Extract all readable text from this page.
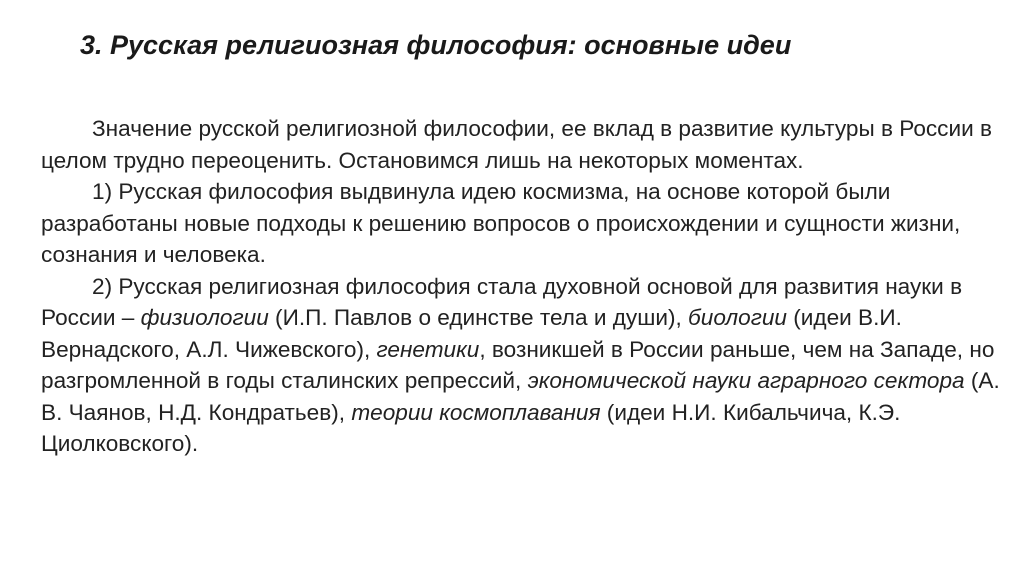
3. Русская религиозная философия: основные идеи

Значение русской религиозной философии, ее вклад в развитие культуры в России в целом трудно переоценить. Остановимся лишь на некоторых моментах.

1) Русская философия выдвинула идею космизма, на основе которой были разработаны новые подходы к решению вопросов о происхождении и сущности жизни, сознания и человека.

2) Русская религиозная философия стала духовной основой для развития науки в России – физиологии (И.П. Павлов о единстве тела и души), биологии (идеи В.И. Вернадского, А.Л. Чижевского), генетики, возникшей в России раньше, чем на Западе, но разгромленной в годы сталинских репрессий, экономической науки аграрного сектора (А. В. Чаянов, Н.Д. Кондратьев), теории космоплавания (идеи Н.И. Кибальчича, К.Э. Циолковского).
